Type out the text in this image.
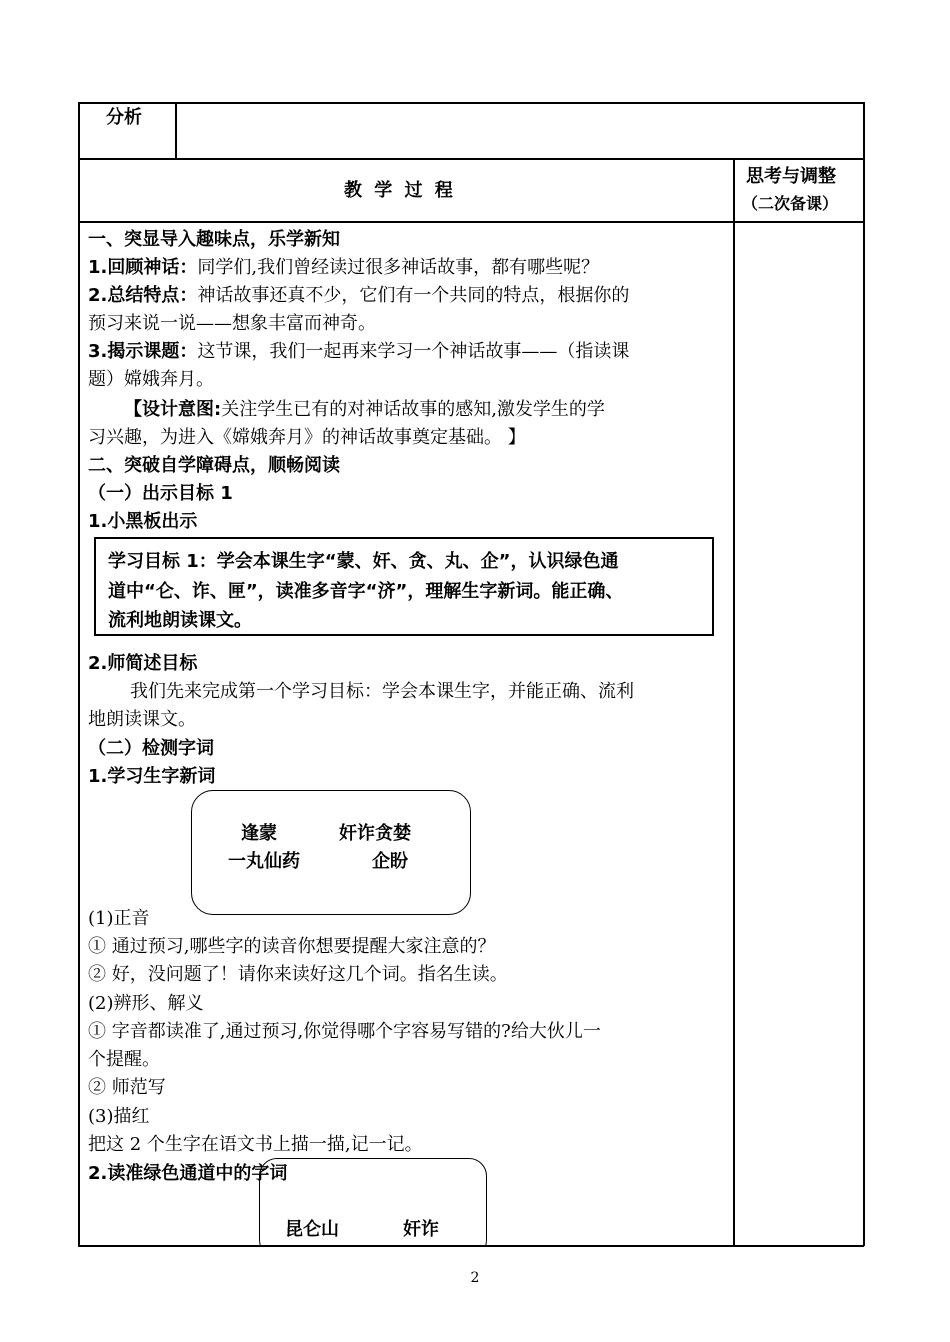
分析
教 学 过 程
思考与调整
（二次备课）
一、突显导入趣味点，乐学新知
1.回顾神话：同学们,我们曾经读过很多神话故事，都有哪些呢？
2.总结特点：神话故事还真不少，它们有一个共同的特点，根据你的
预习来说一说——想象丰富而神奇。
3.揭示课题：这节课，我们一起再来学习一个神话故事——（指读课
题）嫦娥奔月。
【设计意图:关注学生已有的对神话故事的感知,激发学生的学
习兴趣，为进入《嫦娥奔月》的神话故事奠定基础。 】
二、突破自学障碍点，顺畅阅读
（一）出示目标 1
1.小黑板出示
学习目标 1：学会本课生字“蒙、奸、贪、丸、企”，认识绿色通
道中“仑、诈、匣”，读准多音字“济”，理解生字新词。能正确、
流利地朗读课文。
2.师简述目标
我们先来完成第一个学习目标：学会本课生字，并能正确、流利
地朗读课文。
（二）检测字词
1.学习生字新词
逢蒙	奸诈贪婪
一丸仙药	企盼
(1)正音
① 通过预习,哪些字的读音你想要提醒大家注意的？
② 好，没问题了！请你来读好这几个词。指名生读。
(2)辨形、解义
① 字音都读准了,通过预习,你觉得哪个字容易写错的?给大伙儿一
个提醒。
② 师范写
(3)描红
把这 2 个生字在语文书上描一描,记一记。
2.读准绿色通道中的字词
昆仑山	奸诈
2
